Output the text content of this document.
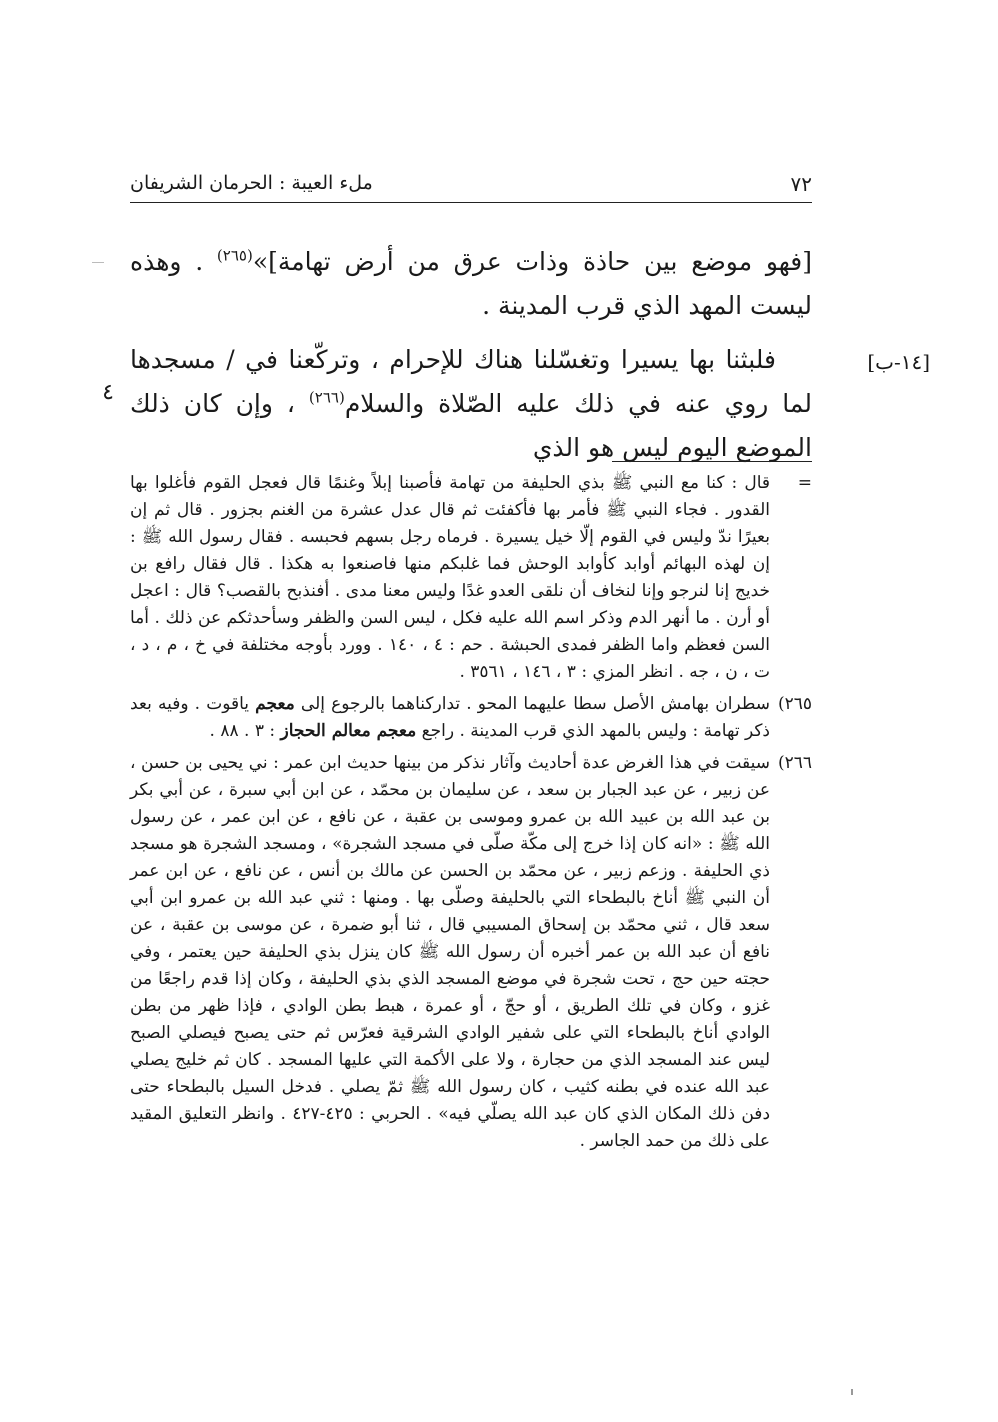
٧٢
ملء العيبة : الحرمان الشريفان

[فهو موضع بين حاذة وذات عرق من أرض تهامة]»$^{(٢٦٥)}$ . وهذه ليست المهد الذي قرب المدينة .

فلبثنا بها يسيرا وتغسّلنا هناك للإحرام ، وتركّعنا في / مسجدها لما روي عنه في ذلك عليه الصّلاة والسلام$^{(٢٦٦)}$ ، وإن كان ذلك الموضع اليوم ليس هو الذي

[١٤-ب]
٤
=
قال : كنا مع النبي ﷺ بذي الحليفة من تهامة فأصبنا إبلاً وغنمًا قال فعجل القوم فأغلوا بها القدور . فجاء النبي ﷺ فأمر بها فأكفئت ثم قال عدل عشرة من الغنم بجزور . قال ثم إن بعيرًا ندّ وليس في القوم إلّا خيل يسيرة . فرماه رجل بسهم فحبسه . فقال رسول الله ﷺ : إن لهذه البهائم أوابد كأوابد الوحش فما غلبكم منها فاصنعوا به هكذا . قال فقال رافع بن خديج إنا لنرجو وإنا لنخاف أن نلقى العدو غدًا وليس معنا مدى . أفنذبح بالقصب؟ قال : اعجل أو أرن . ما أنهر الدم وذكر اسم الله عليه فكل ، ليس السن والظفر وسأحدثكم عن ذلك . أما السن فعظم واما الظفر فمدى الحبشة . حم : ٤ ، ١٤٠ . وورد بأوجه مختلفة في خ ، م ، د ، ت ، ن ، جه . انظر المزي : ٣ ، ١٤٦ ، ٣٥٦١ .
٢٦٥)
سطران بهامش الأصل سطا عليهما المحو . تداركناهما بالرجوع إلى معجم ياقوت . وفيه بعد ذكر تهامة : وليس بالمهد الذي قرب المدينة . راجع معجم معالم الحجاز : ٣ . ٨٨ .
٢٦٦)
سيقت في هذا الغرض عدة أحاديث وآثار نذكر من بينها حديث ابن عمر : ني يحيى بن حسن ، عن زبير ، عن عبد الجبار بن سعد ، عن سليمان بن محمّد ، عن ابن أبي سبرة ، عن أبي بكر بن عبد الله بن عبيد الله بن عمرو وموسى بن عقبة ، عن نافع ، عن ابن عمر ، عن رسول الله ﷺ : «انه كان إذا خرج إلى مكّة صلّى في مسجد الشجرة» ، ومسجد الشجرة هو مسجد ذي الحليفة . وزعم زبير ، عن محمّد بن الحسن عن مالك بن أنس ، عن نافع ، عن ابن عمر أن النبي ﷺ أناخ بالبطحاء التي بالحليفة وصلّى بها . ومنها : ثني عبد الله بن عمرو ابن أبي سعد قال ، ثني محمّد بن إسحاق المسيبي قال ، ثنا أبو ضمرة ، عن موسى بن عقبة ، عن نافع أن عبد الله بن عمر أخبره أن رسول الله ﷺ كان ينزل بذي الحليفة حين يعتمر ، وفي حجته حين حج ، تحت شجرة في موضع المسجد الذي بذي الحليفة ، وكان إذا قدم راجعًا من غزو ، وكان في تلك الطريق ، أو حجّ ، أو عمرة ، هبط بطن الوادي ، فإذا ظهر من بطن الوادي أناخ بالبطحاء التي على شفير الوادي الشرقية فعرّس ثم حتى يصبح فيصلي الصبح ليس عند المسجد الذي من حجارة ، ولا على الأكمة التي عليها المسجد . كان ثم خليج يصلي عبد الله عنده في بطنه كثيب ، كان رسول الله ﷺ ثمّ يصلي . فدخل السيل بالبطحاء حتى دفن ذلك المكان الذي كان عبد الله يصلّي فيه» . الحربي : ٤٢٥-٤٢٧ . وانظر التعليق المقيد على ذلك من حمد الجاسر .
